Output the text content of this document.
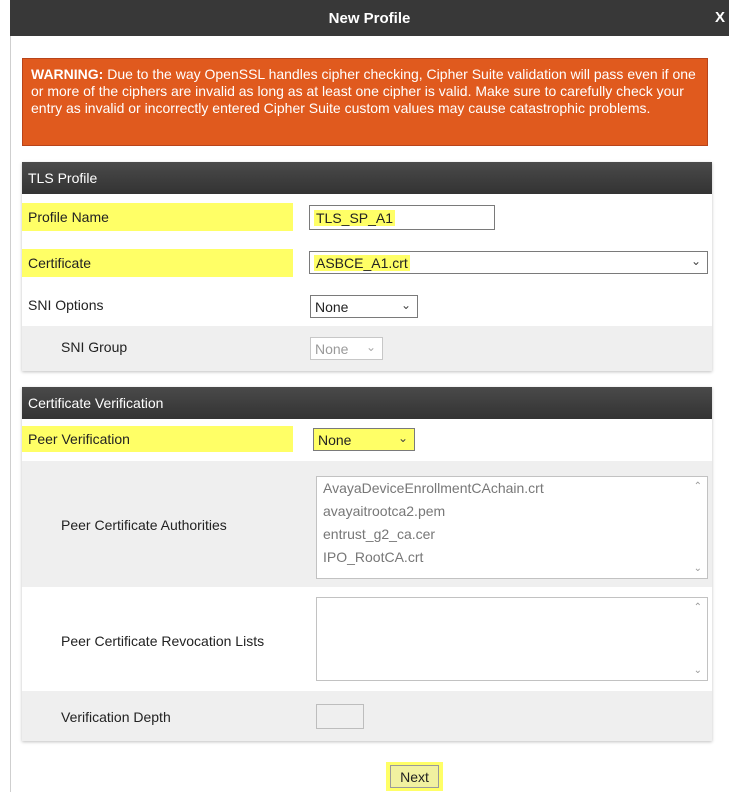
New Profile	X
WARNING: Due to the way OpenSSL handles cipher checking, Cipher Suite validation will pass even if one or more of the ciphers are invalid as long as at least one cipher is valid. Make sure to carefully check your entry as invalid or incorrectly entered Cipher Suite custom values may cause catastrophic problems.
TLS Profile
Profile Name	TLS_SP_A1
Certificate	ASBCE_A1.crt	⌄
SNI Options	None	⌄
SNI Group	None ⌄
Certificate Verification
Peer Verification	None	⌄
Peer Certificate Authorities
AvayaDeviceEnrollmentCAchain.crt
avayaitrootca2.pem
entrust_g2_ca.cer
IPO_RootCA.crt
⌃
⌄
Peer Certificate Revocation Lists
⌃
⌄
Verification Depth
Next
